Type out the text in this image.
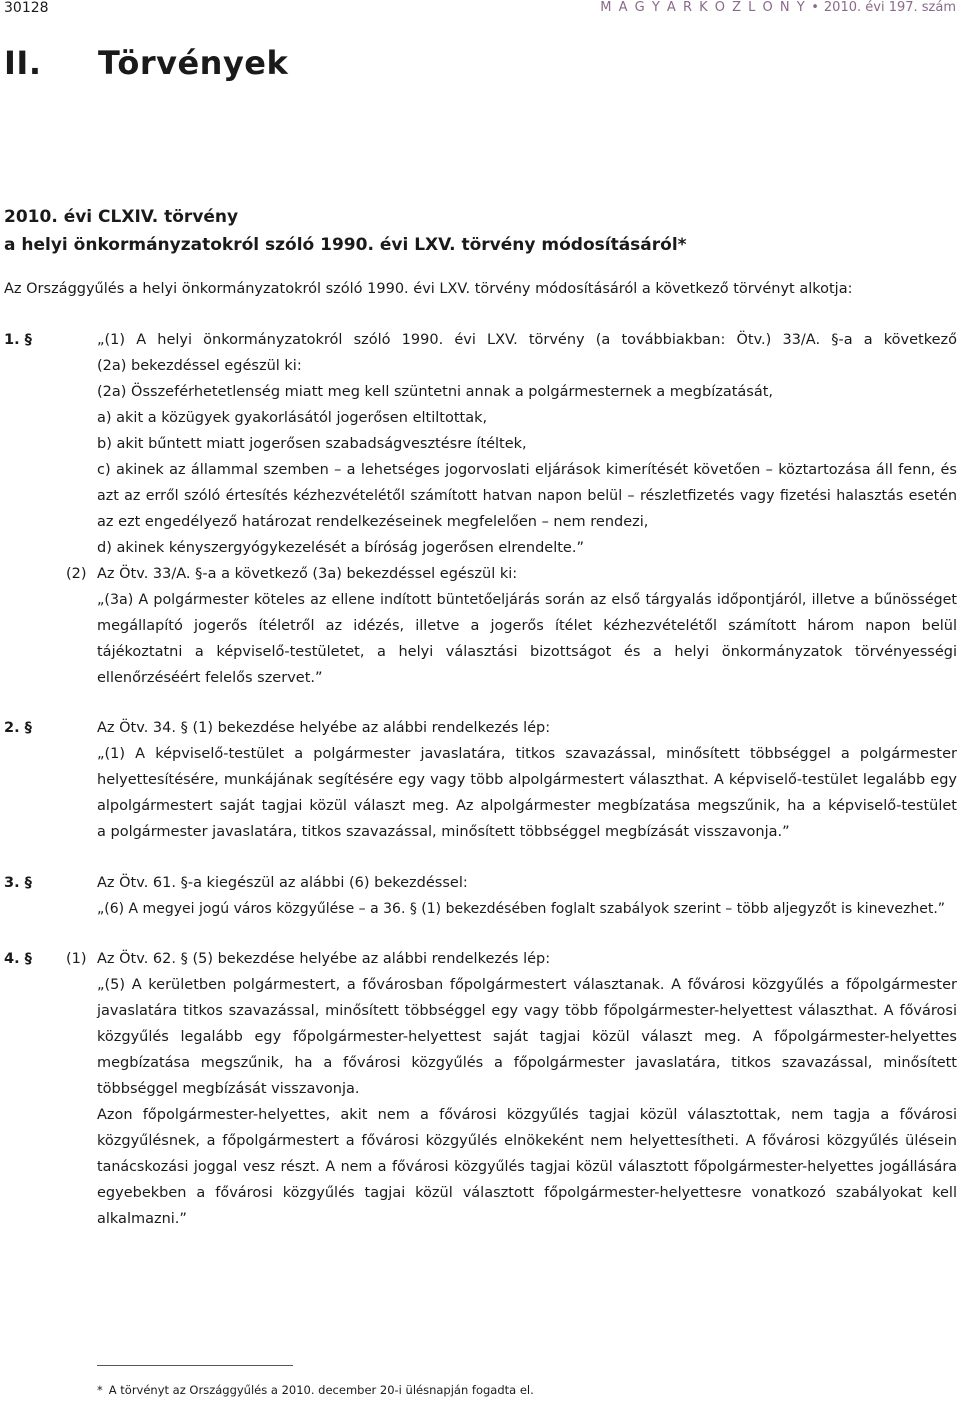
30128	M A G Y A R K Ö Z L Ö N Y • 2010. évi 197. szám
II. Törvények
2010. évi CLXIV. törvény
a helyi önkormányzatokról szóló 1990. évi LXV. törvény módosításáról*
Az Országgyűlés a helyi önkormányzatokról szóló 1990. évi LXV. törvény módosításáról a következő törvényt alkotja:
1. §	„(1) A helyi önkormányzatokról szóló 1990. évi LXV. törvény (a továbbiakban: Ötv.) 33/A. §-a a következő
(2a) bekezdéssel egészül ki:
(2a) Összeférhetetlenség miatt meg kell szüntetni annak a polgármesternek a megbízatását,
a) akit a közügyek gyakorlásától jogerősen eltiltottak,
b) akit bűntett miatt jogerősen szabadságvesztésre ítéltek,
c) akinek az állammal szemben – a lehetséges jogorvoslati eljárások kimerítését követően – köztartozása áll fenn, és
azt az erről szóló értesítés kézhezvételétől számított hatvan napon belül – részletfizetés vagy fizetési halasztás esetén
az ezt engedélyező határozat rendelkezéseinek megfelelően – nem rendezi,
d) akinek kényszergyógykezelését a bíróság jogerősen elrendelte.”
(2) Az Ötv. 33/A. §-a a következő (3a) bekezdéssel egészül ki:
„(3a) A polgármester köteles az ellene indított büntetőeljárás során az első tárgyalás időpontjáról, illetve a bűnösséget
megállapító jogerős ítéletről az idézés, illetve a jogerős ítélet kézhezvételétől számított három napon belül
tájékoztatni a képviselő-testületet, a helyi választási bizottságot és a helyi önkormányzatok törvényességi
ellenőrzéséért felelős szervet.”
2. §	Az Ötv. 34. § (1) bekezdése helyébe az alábbi rendelkezés lép:
„(1) A képviselő-testület a polgármester javaslatára, titkos szavazással, minősített többséggel a polgármester
helyettesítésére, munkájának segítésére egy vagy több alpolgármestert választhat. A képviselő-testület legalább egy
alpolgármestert saját tagjai közül választ meg. Az alpolgármester megbízatása megszűnik, ha a képviselő-testület
a polgármester javaslatára, titkos szavazással, minősített többséggel megbízását visszavonja.”
3. §	Az Ötv. 61. §-a kiegészül az alábbi (6) bekezdéssel:
„(6) A megyei jogú város közgyűlése – a 36. § (1) bekezdésében foglalt szabályok szerint – több aljegyzőt is kinevezhet.”
4. § (1) Az Ötv. 62. § (5) bekezdése helyébe az alábbi rendelkezés lép:
„(5) A kerületben polgármestert, a fővárosban főpolgármestert választanak. A fővárosi közgyűlés a főpolgármester
javaslatára titkos szavazással, minősített többséggel egy vagy több főpolgármester-helyettest választhat. A fővárosi
közgyűlés legalább egy főpolgármester-helyettest saját tagjai közül választ meg. A főpolgármester-helyettes
megbízatása megszűnik, ha a fővárosi közgyűlés a főpolgármester javaslatára, titkos szavazással, minősített
többséggel megbízását visszavonja.
Azon főpolgármester-helyettes, akit nem a fővárosi közgyűlés tagjai közül választottak, nem tagja a fővárosi
közgyűlésnek, a főpolgármestert a fővárosi közgyűlés elnökeként nem helyettesítheti. A fővárosi közgyűlés ülésein
tanácskozási joggal vesz részt. A nem a fővárosi közgyűlés tagjai közül választott főpolgármester-helyettes jogállására
egyebekben a fővárosi közgyűlés tagjai közül választott főpolgármester-helyettesre vonatkozó szabályokat kell
alkalmazni.”
* A törvényt az Országgyűlés a 2010. december 20-i ülésnapján fogadta el.
